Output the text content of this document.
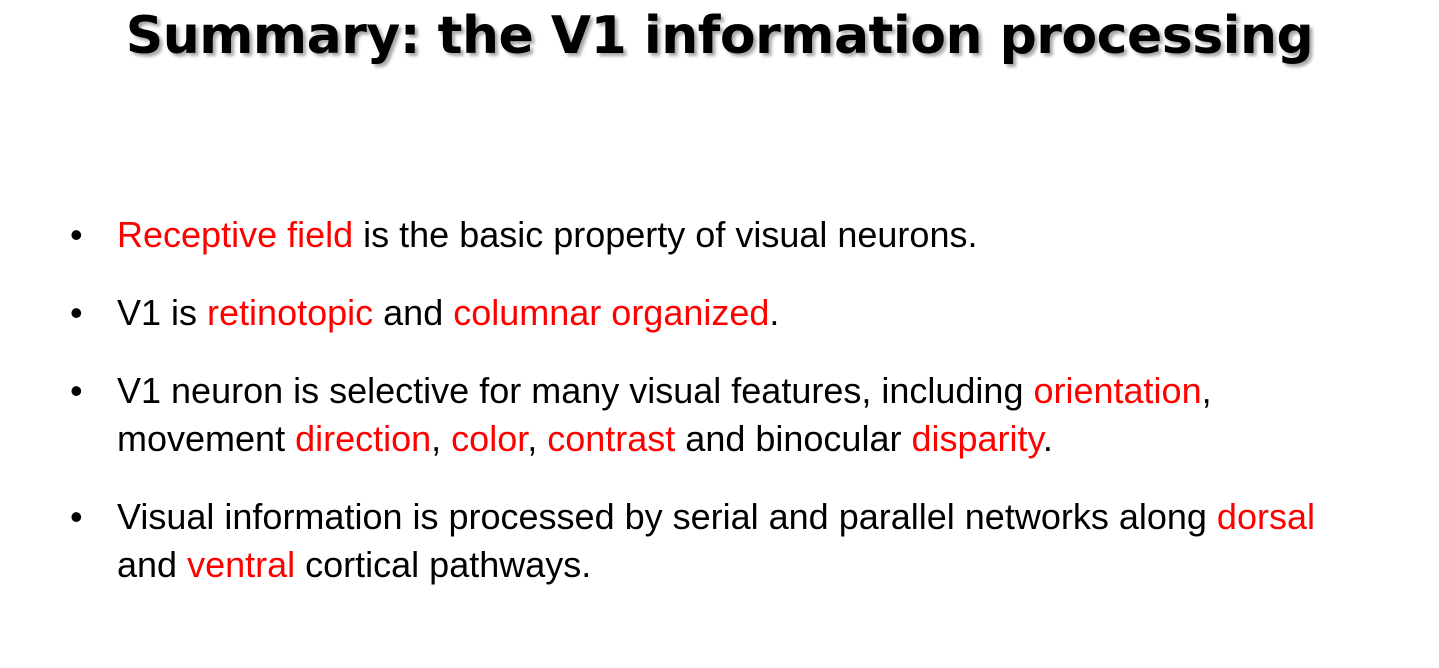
Summary: the V1 information processing
• Receptive field is the basic property of visual neurons.
• V1 is retinotopic and columnar organized.
• V1 neuron is selective for many visual features, including orientation, movement direction, color, contrast and binocular disparity.
• Visual information is processed by serial and parallel networks along dorsal and ventral cortical pathways.
